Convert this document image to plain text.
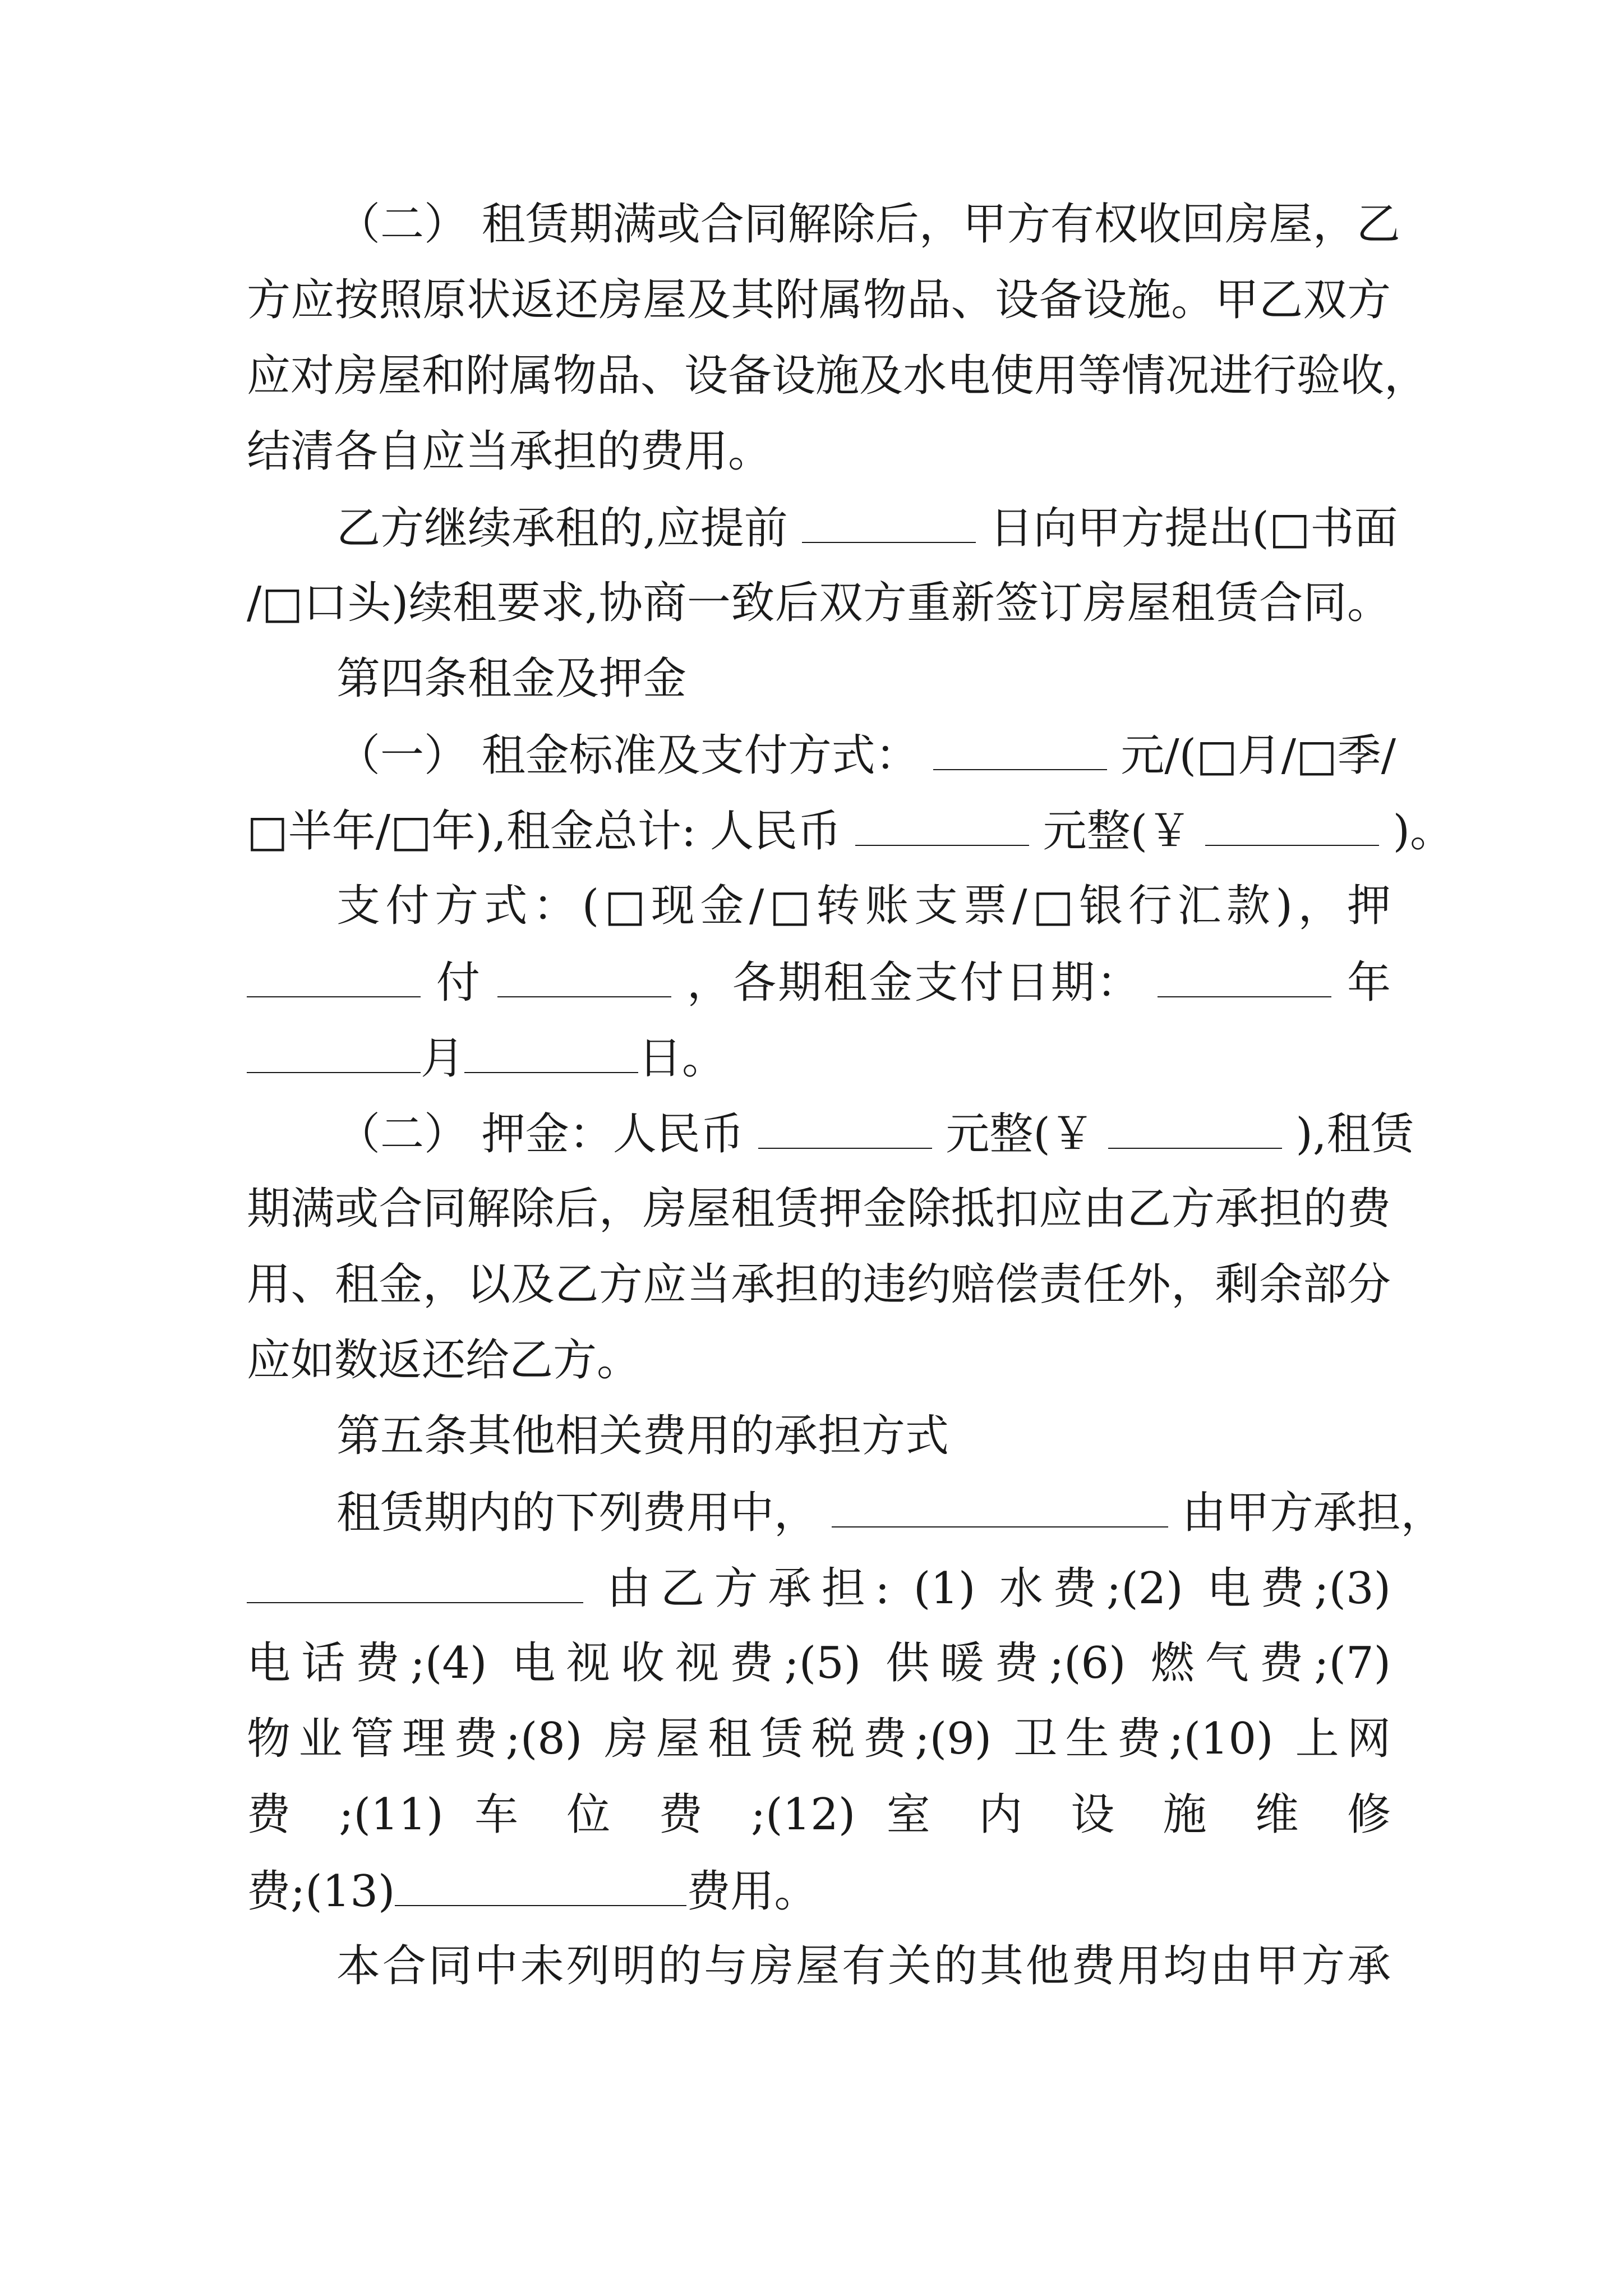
（二） 租赁期满或合同解除后，甲方有权收回房屋，乙
方应按照原状返还房屋及其附属物品、设备设施。甲乙双方
应对房屋和附属物品、设备设施及水电使用等情况进行验收，
结清各自应当承担的费用。
乙方继续承租的,应提前	日向甲方提出(□书面
/□口头)续租要求,协商一致后双方重新签订房屋租赁合同。
第四条租金及押金
（一） 租金标准及支付方式：	元/(□月/□季/
□半年/□年),租金总计: 人民币	元整(￥	)。
支付方式：(□现金/□转账支票/□银行汇款)，押
付	，各期租金支付日期：	年
月	日。
（二） 押金：人民币	元整(￥	),租赁
期满或合同解除后，房屋租赁押金除抵扣应由乙方承担的费
用、租金，以及乙方应当承担的违约赔偿责任外，剩余部分
应如数返还给乙方。
第五条其他相关费用的承担方式
租赁期内的下列费用中，	由甲方承担，
由乙方承担: (1) 水费;(2) 电费;(3)
电话费;(4) 电视收视费;(5) 供暖费;(6) 燃气费;(7)
物业管理费;(8) 房屋租赁税费;(9) 卫生费;(10) 上网
费 ;(11) 车 位 费 ;(12) 室 内 设 施 维 修
费;(13)	费用。
本合同中未列明的与房屋有关的其他费用均由甲方承
